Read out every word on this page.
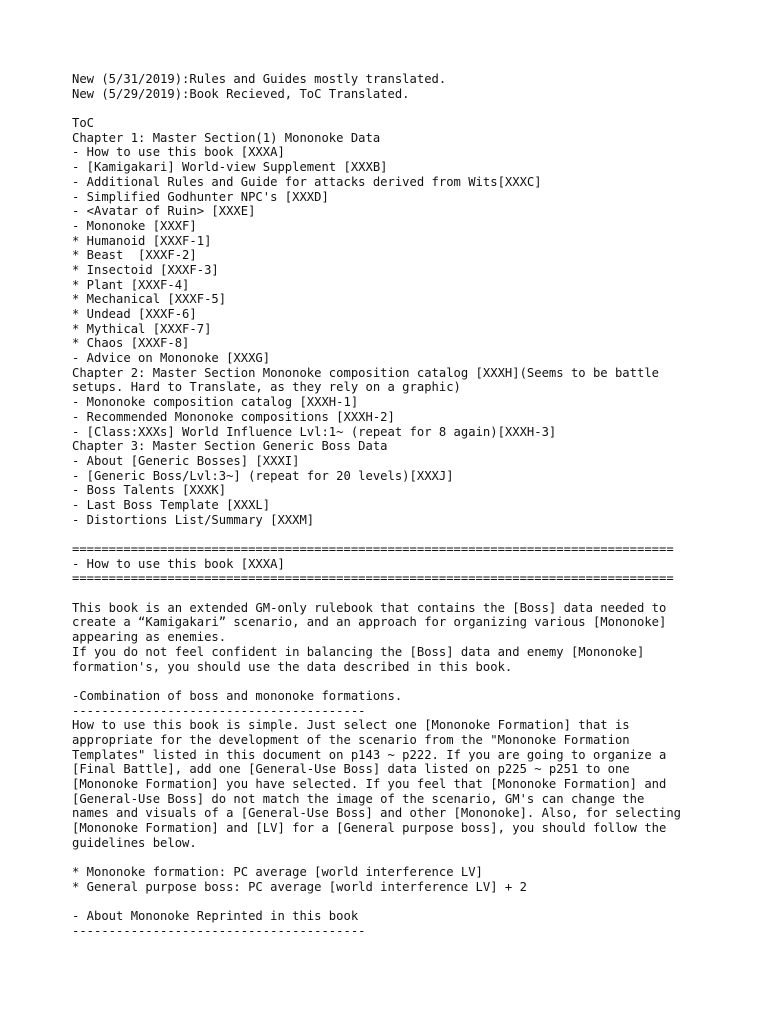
New (5/31/2019):Rules and Guides mostly translated.
New (5/29/2019):Book Recieved, ToC Translated.

ToC
Chapter 1: Master Section(1) Mononoke Data
- How to use this book [XXXA]
- [Kamigakari] World-view Supplement [XXXB]
- Additional Rules and Guide for attacks derived from Wits[XXXC]
- Simplified Godhunter NPC's [XXXD]
- <Avatar of Ruin> [XXXE]
- Mononoke [XXXF]
* Humanoid [XXXF-1]
* Beast  [XXXF-2]
* Insectoid [XXXF-3]
* Plant [XXXF-4]
* Mechanical [XXXF-5]
* Undead [XXXF-6]
* Mythical [XXXF-7]
* Chaos [XXXF-8]
- Advice on Mononoke [XXXG]
Chapter 2: Master Section Mononoke composition catalog [XXXH](Seems to be battle
setups. Hard to Translate, as they rely on a graphic)
- Mononoke composition catalog [XXXH-1]
- Recommended Mononoke compositions [XXXH-2]
- [Class:XXXs] World Influence Lvl:1~ (repeat for 8 again)[XXXH-3]
Chapter 3: Master Section Generic Boss Data
- About [Generic Bosses] [XXXI]
- [Generic Boss/Lvl:3~] (repeat for 20 levels)[XXXJ]
- Boss Talents [XXXK]
- Last Boss Template [XXXL]
- Distortions List/Summary [XXXM]

==================================================================================
- How to use this book [XXXA]
==================================================================================

This book is an extended GM-only rulebook that contains the [Boss] data needed to
create a “Kamigakari” scenario, and an approach for organizing various [Mononoke]
appearing as enemies.
If you do not feel confident in balancing the [Boss] data and enemy [Mononoke]
formation's, you should use the data described in this book.

-Combination of boss and mononoke formations.
----------------------------------------
How to use this book is simple. Just select one [Mononoke Formation] that is
appropriate for the development of the scenario from the "Mononoke Formation
Templates" listed in this document on p143 ~ p222. If you are going to organize a
[Final Battle], add one [General-Use Boss] data listed on p225 ~ p251 to one
[Mononoke Formation] you have selected. If you feel that [Mononoke Formation] and
[General-Use Boss] do not match the image of the scenario, GM's can change the
names and visuals of a [General-Use Boss] and other [Mononoke]. Also, for selecting
[Mononoke Formation] and [LV] for a [General purpose boss], you should follow the
guidelines below.

* Mononoke formation: PC average [world interference LV]
* General purpose boss: PC average [world interference LV] + 2

- About Mononoke Reprinted in this book
----------------------------------------
